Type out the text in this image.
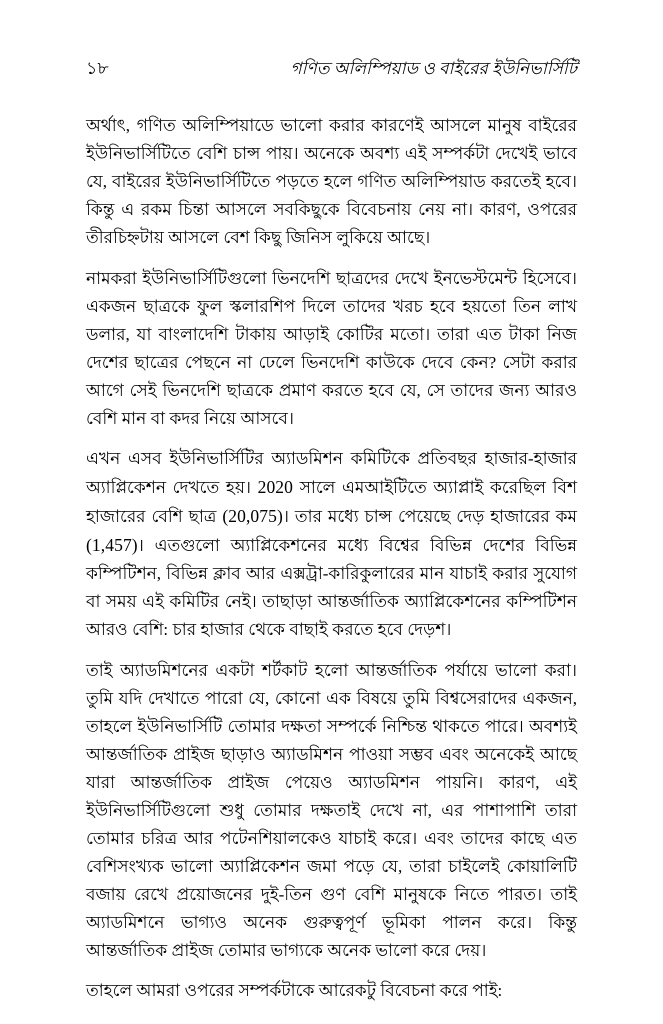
১৮	গণিত অলিম্পিয়াড ও বাইরের ইউনিভার্সিটি

অর্থাৎ, গণিত অলিম্পিয়াডে ভালো করার কারণেই আসলে মানুষ বাইরের ইউনিভার্সিটিতে বেশি চান্স পায়। অনেকে অবশ্য এই সম্পর্কটা দেখেই ভাবে যে, বাইরের ইউনিভার্সিটিতে পড়তে হলে গণিত অলিম্পিয়াড করতেই হবে। কিন্তু এ রকম চিন্তা আসলে সবকিছুকে বিবেচনায় নেয় না। কারণ, ওপরের তীরচিহ্নটায় আসলে বেশ কিছু জিনিস লুকিয়ে আছে।

নামকরা ইউনিভার্সিটিগুলো ভিনদেশি ছাত্রদের দেখে ইনভেস্টমেন্ট হিসেবে। একজন ছাত্রকে ফুল স্কলারশিপ দিলে তাদের খরচ হবে হয়তো তিন লাখ ডলার, যা বাংলাদেশি টাকায় আড়াই কোটির মতো। তারা এত টাকা নিজ দেশের ছাত্রের পেছনে না ঢেলে ভিনদেশি কাউকে দেবে কেন? সেটা করার আগে সেই ভিনদেশি ছাত্রকে প্রমাণ করতে হবে যে, সে তাদের জন্য আরও বেশি মান বা কদর নিয়ে আসবে।

এখন এসব ইউনিভার্সিটির অ্যাডমিশন কমিটিকে প্রতিবছর হাজার-হাজার অ্যাপ্লিকেশন দেখতে হয়। 2020 সালে এমআইটিতে অ্যাপ্লাই করেছিল বিশ হাজারের বেশি ছাত্র (20,075)। তার মধ্যে চান্স পেয়েছে দেড় হাজারের কম (1,457)। এতগুলো অ্যাপ্লিকেশনের মধ্যে বিশ্বের বিভিন্ন দেশের বিভিন্ন কম্পিটিশন, বিভিন্ন ক্লাব আর এক্সট্রা-কারিকুলারের মান যাচাই করার সুযোগ বা সময় এই কমিটির নেই। তাছাড়া আন্তর্জাতিক অ্যাপ্লিকেশনের কম্পিটিশন আরও বেশি: চার হাজার থেকে বাছাই করতে হবে দেড়শ।

তাই অ্যাডমিশনের একটা শর্টকাট হলো আন্তর্জাতিক পর্যায়ে ভালো করা। তুমি যদি দেখাতে পারো যে, কোনো এক বিষয়ে তুমি বিশ্বসেরাদের একজন, তাহলে ইউনিভার্সিটি তোমার দক্ষতা সম্পর্কে নিশ্চিন্ত থাকতে পারে। অবশ্যই আন্তর্জাতিক প্রাইজ ছাড়াও অ্যাডমিশন পাওয়া সম্ভব এবং অনেকেই আছে যারা আন্তর্জাতিক প্রাইজ পেয়েও অ্যাডমিশন পায়নি। কারণ, এই ইউনিভার্সিটিগুলো শুধু তোমার দক্ষতাই দেখে না, এর পাশাপাশি তারা তোমার চরিত্র আর পটেনশিয়ালকেও যাচাই করে। এবং তাদের কাছে এত বেশিসংখ্যক ভালো অ্যাপ্লিকেশন জমা পড়ে যে, তারা চাইলেই কোয়ালিটি বজায় রেখে প্রয়োজনের দুই-তিন গুণ বেশি মানুষকে নিতে পারত। তাই অ্যাডমিশনে ভাগ্যও অনেক গুরুত্বপূর্ণ ভূমিকা পালন করে। কিন্তু আন্তর্জাতিক প্রাইজ তোমার ভাগ্যকে অনেক ভালো করে দেয়।

তাহলে আমরা ওপরের সম্পর্কটাকে আরেকটু বিবেচনা করে পাই:
